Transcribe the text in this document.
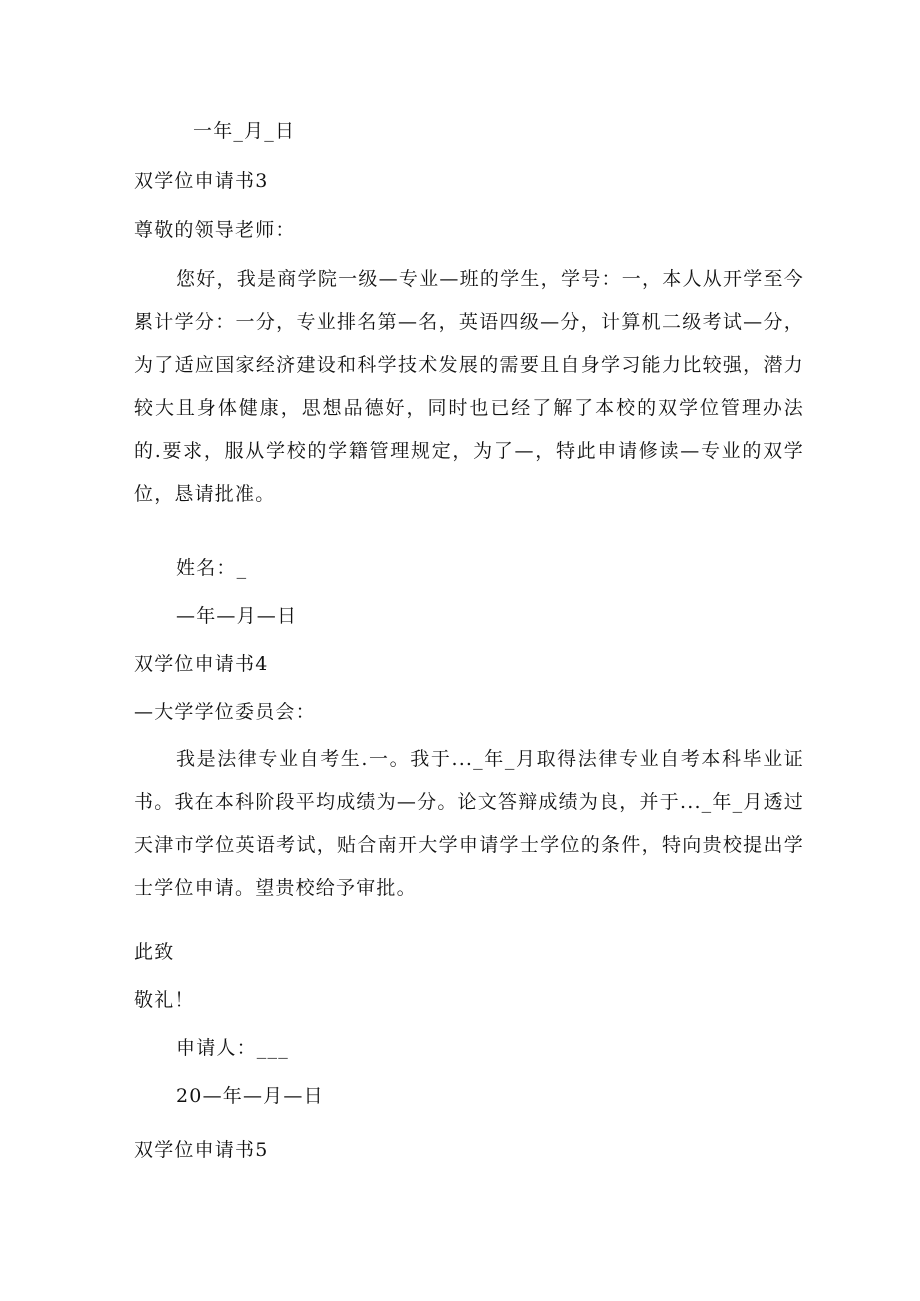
一年_月_日

双学位申请书3

尊敬的领导老师：

您好，我是商学院一级—专业—班的学生，学号：一，本人从开学至今累计学分：一分，专业排名第—名，英语四级—分，计算机二级考试—分，为了适应国家经济建设和科学技术发展的需要且自身学习能力比较强，潜力较大且身体健康，思想品德好，同时也已经了解了本校的双学位管理办法的.要求，服从学校的学籍管理规定，为了—，特此申请修读—专业的双学位，恳请批准。

姓名：_

—年—月—日

双学位申请书4

—大学学位委员会：

我是法律专业自考生.一。我于..._年_月取得法律专业自考本科毕业证书。我在本科阶段平均成绩为—分。论文答辩成绩为良，并于..._年_月透过天津市学位英语考试，贴合南开大学申请学士学位的条件，特向贵校提出学士学位申请。望贵校给予审批。

此致

敬礼！

申请人：___

20—年—月—日

双学位申请书5
